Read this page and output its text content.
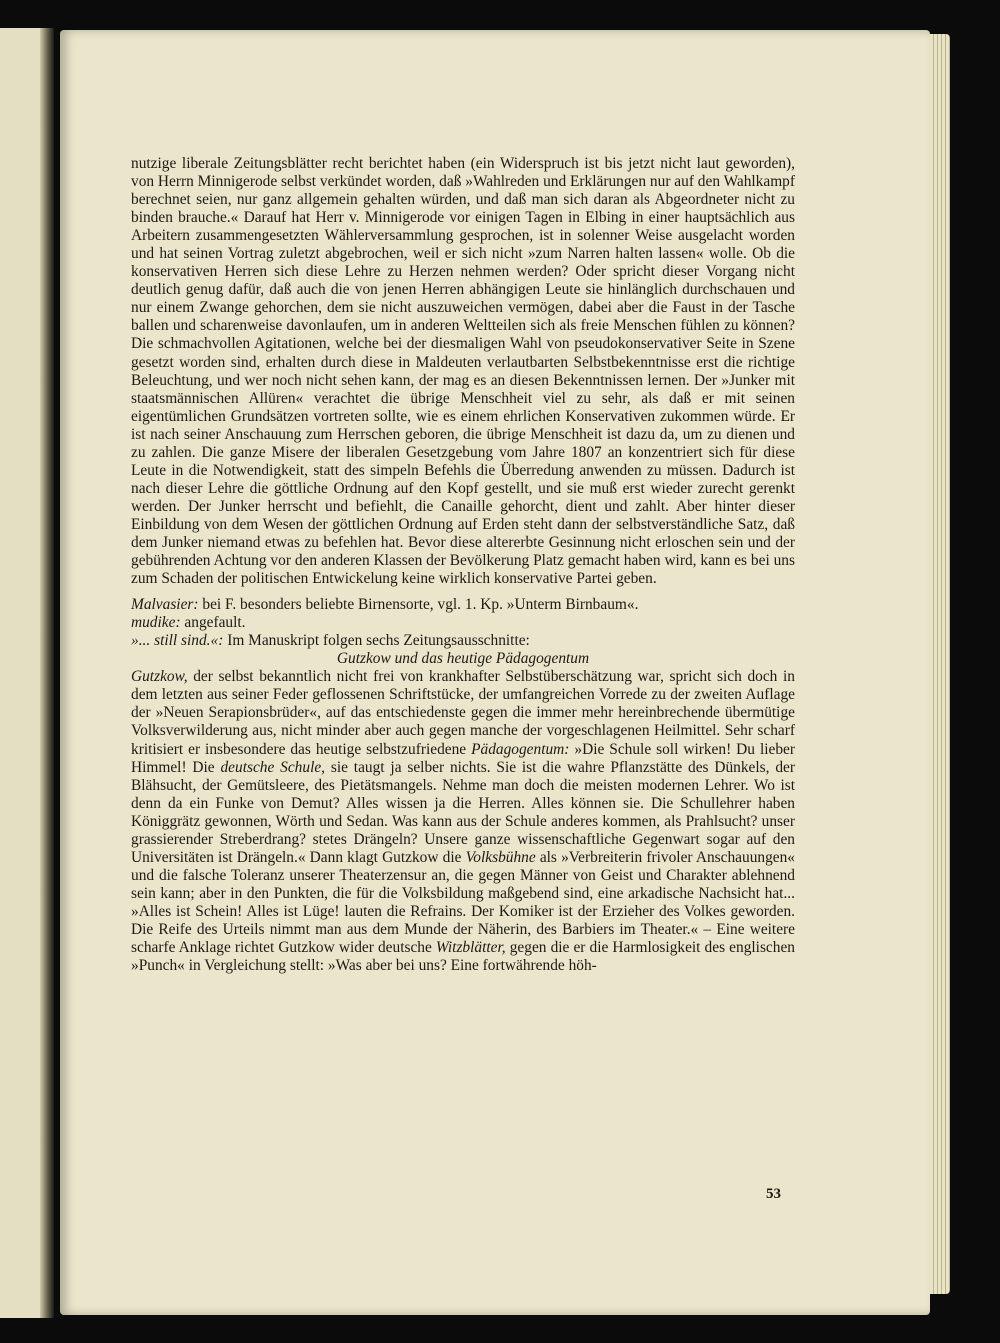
nutzige liberale Zeitungsblätter recht berichtet haben (ein Widerspruch ist bis jetzt nicht laut geworden), von Herrn Minnigerode selbst verkündet worden, daß »Wahlreden und Erklärungen nur auf den Wahlkampf berechnet seien, nur ganz allgemein gehalten würden, und daß man sich daran als Abgeordneter nicht zu binden brauche.« Darauf hat Herr v. Minnigerode vor einigen Tagen in Elbing in einer hauptsächlich aus Arbeitern zusammengesetzten Wählerversammlung gesprochen, ist in solenner Weise ausgelacht worden und hat seinen Vortrag zuletzt abgebrochen, weil er sich nicht »zum Narren halten lassen« wolle. Ob die konservativen Herren sich diese Lehre zu Herzen nehmen werden? Oder spricht dieser Vorgang nicht deutlich genug dafür, daß auch die von jenen Herren abhängigen Leute sie hinlänglich durchschauen und nur einem Zwange gehorchen, dem sie nicht auszuweichen vermögen, dabei aber die Faust in der Tasche ballen und scharenweise davonlaufen, um in anderen Weltteilen sich als freie Menschen fühlen zu können? Die schmachvollen Agitationen, welche bei der diesmaligen Wahl von pseudokonservativer Seite in Szene gesetzt worden sind, erhalten durch diese in Maldeuten verlautbarten Selbstbekenntnisse erst die richtige Beleuchtung, und wer noch nicht sehen kann, der mag es an diesen Bekenntnissen lernen. Der »Junker mit staatsmännischen Allüren« verachtet die übrige Menschheit viel zu sehr, als daß er mit seinen eigentümlichen Grundsätzen vortreten sollte, wie es einem ehrlichen Konservativen zukommen würde. Er ist nach seiner Anschauung zum Herrschen geboren, die übrige Menschheit ist dazu da, um zu dienen und zu zahlen. Die ganze Misere der liberalen Gesetzgebung vom Jahre 1807 an konzentriert sich für diese Leute in die Notwendigkeit, statt des simpeln Befehls die Überredung anwenden zu müssen. Dadurch ist nach dieser Lehre die göttliche Ordnung auf den Kopf gestellt, und sie muß erst wieder zurecht gerenkt werden. Der Junker herrscht und befiehlt, die Canaille gehorcht, dient und zahlt. Aber hinter dieser Einbildung von dem Wesen der göttlichen Ordnung auf Erden steht dann der selbstverständliche Satz, daß dem Junker niemand etwas zu befehlen hat. Bevor diese altererbte Gesinnung nicht erloschen sein und der gebührenden Achtung vor den anderen Klassen der Bevölkerung Platz gemacht haben wird, kann es bei uns zum Schaden der politischen Entwickelung keine wirklich konservative Partei geben.

Malvasier: bei F. besonders beliebte Birnensorte, vgl. 1. Kp. »Unterm Birnbaum«.

mudike: angefault.

»... still sind.«: Im Manuskript folgen sechs Zeitungsausschnitte:

Gutzkow und das heutige Pädagogentum

Gutzkow, der selbst bekanntlich nicht frei von krankhafter Selbstüberschätzung war, spricht sich doch in dem letzten aus seiner Feder geflossenen Schriftstücke, der umfangreichen Vorrede zu der zweiten Auflage der »Neuen Serapionsbrüder«, auf das entschiedenste gegen die immer mehr hereinbrechende übermütige Volksverwilderung aus, nicht minder aber auch gegen manche der vorgeschlagenen Heilmittel. Sehr scharf kritisiert er insbesondere das heutige selbstzufriedene Pädagogentum: »Die Schule soll wirken! Du lieber Himmel! Die deutsche Schule, sie taugt ja selber nichts. Sie ist die wahre Pflanzstätte des Dünkels, der Blähsucht, der Gemütsleere, des Pietätsmangels. Nehme man doch die meisten modernen Lehrer. Wo ist denn da ein Funke von Demut? Alles wissen ja die Herren. Alles können sie. Die Schullehrer haben Königgrätz gewonnen, Wörth und Sedan. Was kann aus der Schule anderes kommen, als Prahlsucht? unser grassierender Streberdrang? stetes Drängeln? Unsere ganze wissenschaftliche Gegenwart sogar auf den Universitäten ist Drängeln.« Dann klagt Gutzkow die Volksbühne als »Verbreiterin frivoler Anschauungen« und die falsche Toleranz unserer Theaterzensur an, die gegen Männer von Geist und Charakter ablehnend sein kann; aber in den Punkten, die für die Volksbildung maßgebend sind, eine arkadische Nachsicht hat... »Alles ist Schein! Alles ist Lüge! lauten die Refrains. Der Komiker ist der Erzieher des Volkes geworden. Die Reife des Urteils nimmt man aus dem Munde der Näherin, des Barbiers im Theater.« – Eine weitere scharfe Anklage richtet Gutzkow wider deutsche Witzblätter, gegen die er die Harmlosigkeit des englischen »Punch« in Vergleichung stellt: »Was aber bei uns? Eine fortwährende höh-

53
